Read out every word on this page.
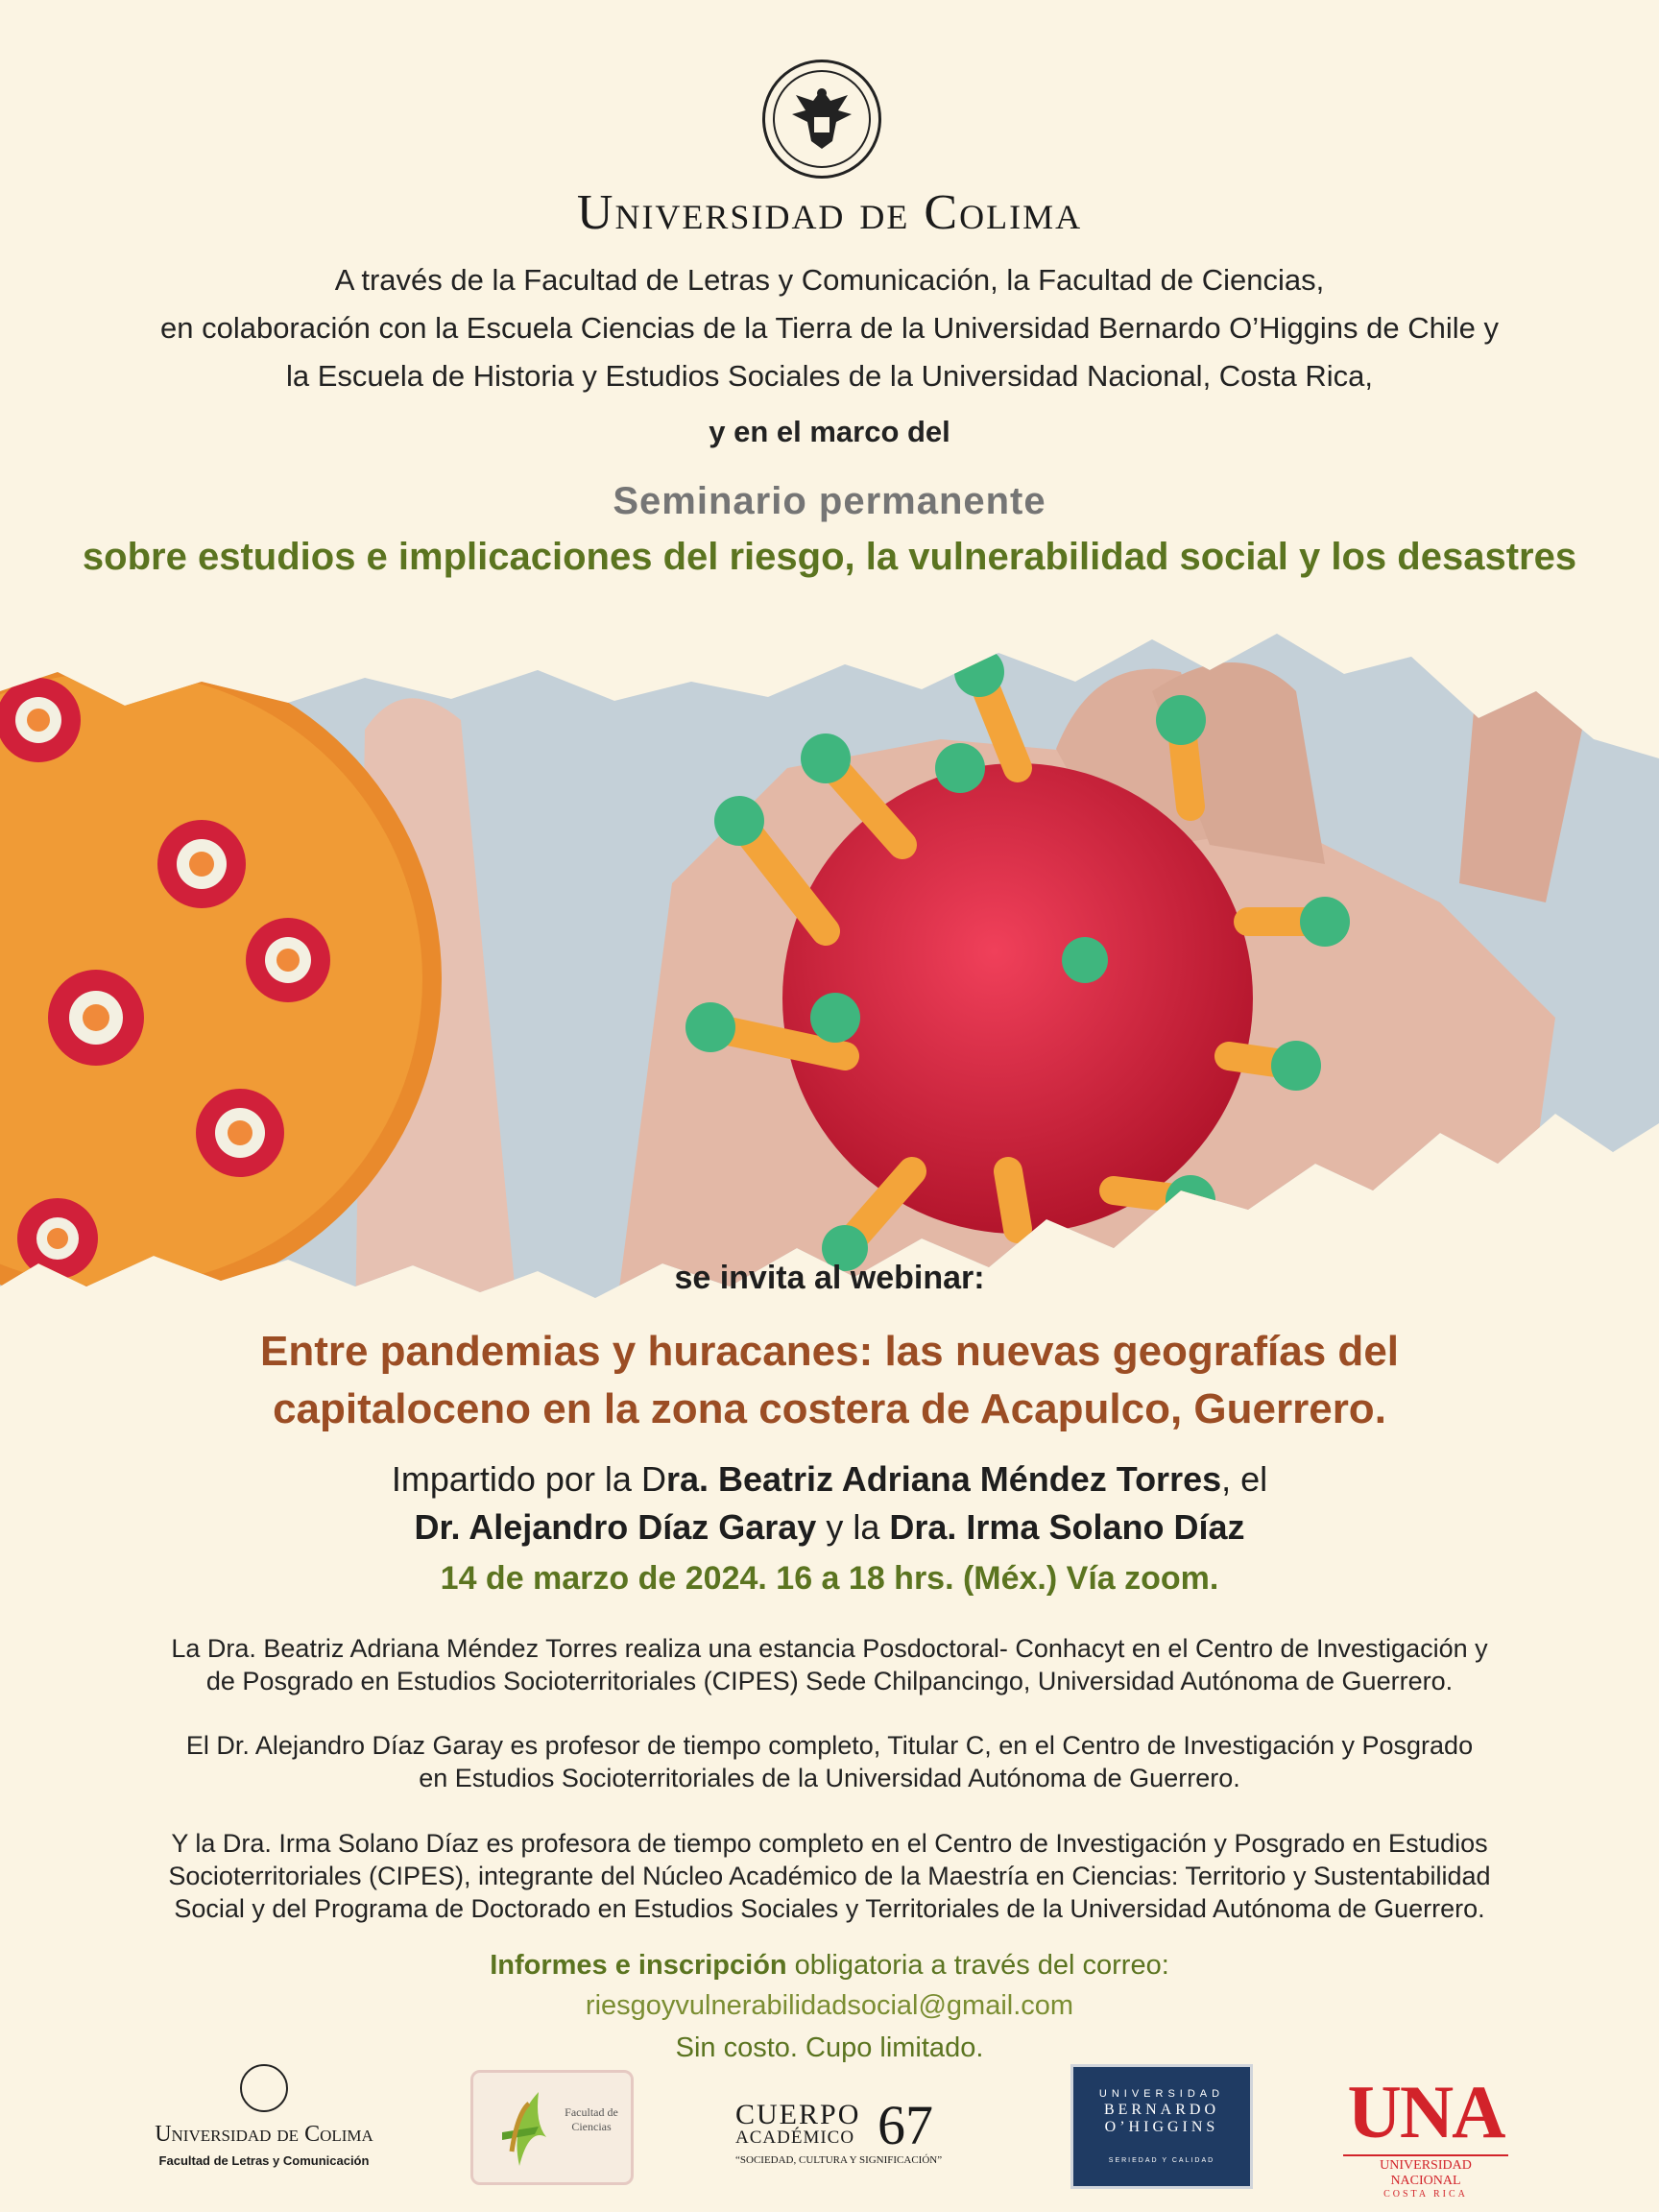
Universidad de Colima
A través de la Facultad de Letras y Comunicación, la Facultad de Ciencias,
en colaboración con la Escuela Ciencias de la Tierra de la Universidad Bernardo O’Higgins de Chile y
la Escuela de Historia y Estudios Sociales de la Universidad Nacional, Costa Rica,
y en el marco del
Seminario permanente
sobre estudios e implicaciones del riesgo, la vulnerabilidad social y los desastres
se invita al webinar:
Entre pandemias y huracanes: las nuevas geografías del
capitaloceno en la zona costera de Acapulco, Guerrero.
Impartido por la Dra. Beatriz Adriana Méndez Torres, el
Dr. Alejandro Díaz Garay y la Dra. Irma Solano Díaz
14 de marzo de 2024. 16 a 18 hrs. (Méx.) Vía zoom.
La Dra. Beatriz Adriana Méndez Torres realiza una estancia Posdoctoral- Conhacyt en el Centro de Investigación y
de Posgrado en Estudios Socioterritoriales (CIPES) Sede Chilpancingo, Universidad Autónoma de Guerrero.
El Dr. Alejandro Díaz Garay es profesor de tiempo completo, Titular C, en el Centro de Investigación y Posgrado
en Estudios Socioterritoriales de la Universidad Autónoma de Guerrero.
Y la Dra. Irma Solano Díaz es profesora de tiempo completo en el Centro de Investigación y Posgrado en Estudios
Socioterritoriales (CIPES), integrante del Núcleo Académico de la Maestría en Ciencias: Territorio y Sustentabilidad
Social y del Programa de Doctorado en Estudios Sociales y Territoriales de la Universidad Autónoma de Guerrero.
Informes e inscripción obligatoria a través del correo:
riesgoyvulnerabilidadsocial@gmail.com
Sin costo. Cupo limitado.
Universidad de Colima
Facultad de Letras y Comunicación
Facultad de Ciencias	CUERPO
ACADÉMICO 67
“SOCIEDAD, CULTURA Y SIGNIFICACIÓN”
UNIVERSIDAD
BERNARDO
O’HIGGINS
SERIEDAD Y CALIDAD
UNA
UNIVERSIDAD NACIONAL
COSTA RICA
